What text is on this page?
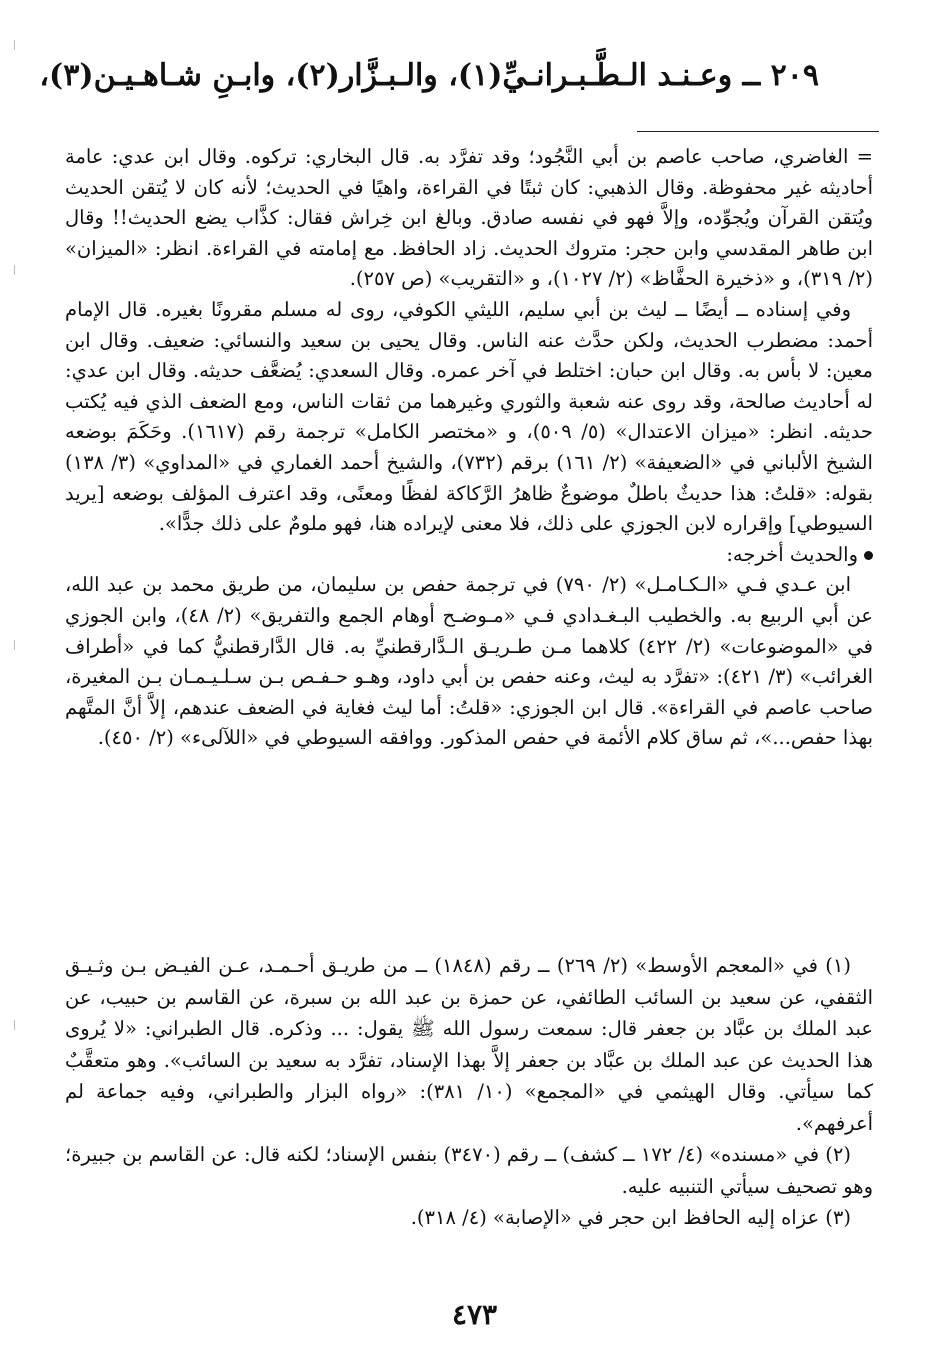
٢٠٩ ــ وعـنـد الـطَّـبـرانـيِّ(١)، والـبـزَّار(٢)، وابـنِ شـاهـيـن(٣)،

= الغاضري، صاحب عاصم بن أبي النَّجُود؛ وقد تفرَّد به. قال البخاري: تركوه. وقال ابن عدي: عامة أحاديثه غير محفوظة. وقال الذهبي: كان ثبتًا في القراءة، واهيًا في الحديث؛ لأنه كان لا يُتقن الحديث ويُتقن القرآن ويُجوِّده، وإلاَّ فهو في نفسه صادق. وبالغ ابن خِراش فقال: كذَّاب يضع الحديث!! وقال ابن طاهر المقدسي وابن حجر: متروك الحديث. زاد الحافظ. مع إمامته في القراءة. انظر: «الميزان» (٢/ ٣١٩)، و «ذخيرة الحفَّاظ» (٢/ ١٠٢٧)، و «التقريب» (ص ٢٥٧).

وفي إسناده ــ أيضًا ــ ليث بن أبي سليم، الليثي الكوفي، روى له مسلم مقرونًا بغيره. قال الإمام أحمد: مضطرب الحديث، ولكن حدَّث عنه الناس. وقال يحيى بن سعيد والنسائي: ضعيف. وقال ابن معين: لا بأس به. وقال ابن حبان: اختلط في آخر عمره. وقال السعدي: يُضعَّف حديثه. وقال ابن عدي: له أحاديث صالحة، وقد روى عنه شعبة والثوري وغيرهما من ثقات الناس، ومع الضعف الذي فيه يُكتب حديثه. انظر: «ميزان الاعتدال» (٥/ ٥٠٩)، و «مختصر الكامل» ترجمة رقم (١٦١٧). وحَكَمَ بوضعه الشيخ الألباني في «الضعيفة» (٢/ ١٦١) برقم (٧٣٢)، والشيخ أحمد الغماري في «المداوي» (٣/ ١٣٨) بقوله: «قلتُ: هذا حديثٌ باطلٌ موضوعٌ ظاهرُ الرَّكاكة لفظًا ومعنًى، وقد اعترف المؤلف بوضعه [يريد السيوطي] وإقراره لابن الجوزي على ذلك، فلا معنى لإيراده هنا، فهو ملومٌ على ذلك جدًّا».

والحديث أخرجه:

ابن عـدي فـي «الـكـامـل» (٢/ ٧٩٠) في ترجمة حفص بن سليمان، من طريق محمد بن عبد الله، عن أبي الربيع به. والخطيب البـغـدادي فـي «مـوضـح أوهام الجمع والتفريق» (٢/ ٤٨)، وابن الجوزي في «الموضوعات» (٢/ ٤٢٢) كلاهما مـن طـريـق الـدَّارقطنيِّ به. قال الدَّارقطنيُّ كما في «أطراف الغرائب» (٣/ ٤٢١): «تفرَّد به ليث، وعنه حفص بن أبي داود، وهـو حـفـص بـن سـلـيـمـان بـن المغيرة، صاحب عاصم في القراءة». قال ابن الجوزي: «قلتُ: أما ليث فغاية في الضعف عندهم، إلاَّ أنَّ المتَّهم بهذا حفص...»، ثم ساق كلام الأئمة في حفص المذكور. ووافقه السيوطي في «اللآلىء» (٢/ ٤٥٠).

(١) في «المعجم الأوسط» (٢/ ٢٦٩) ــ رقم (١٨٤٨) ــ من طريـق أحـمـد، عـن الفيـض بـن وثـيـق الثقفي، عن سعيد بن السائب الطائفي، عن حمزة بن عبد الله بن سبرة، عن القاسم بن حبيب، عن عبد الملك بن عبَّاد بن جعفر قال: سمعت رسول الله ﷺ يقول: ... وذكره. قال الطبراني: «لا يُروى هذا الحديث عن عبد الملك بن عبَّاد بن جعفر إلاَّ بهذا الإسناد، تفرَّد به سعيد بن السائب». وهو متعقَّبٌ كما سيأتي. وقال الهيثمي في «المجمع» (١٠/ ٣٨١): «رواه البزار والطبراني، وفيه جماعة لم أعرفهم».

(٢) في «مسنده» (٤/ ١٧٢ ــ كشف) ــ رقم (٣٤٧٠) بنفس الإسناد؛ لكنه قال: عن القاسم بن جبيرة؛ وهو تصحيف سيأتي التنبيه عليه.

(٣) عزاه إليه الحافظ ابن حجر في «الإصابة» (٤/ ٣١٨).

٤٧٣
